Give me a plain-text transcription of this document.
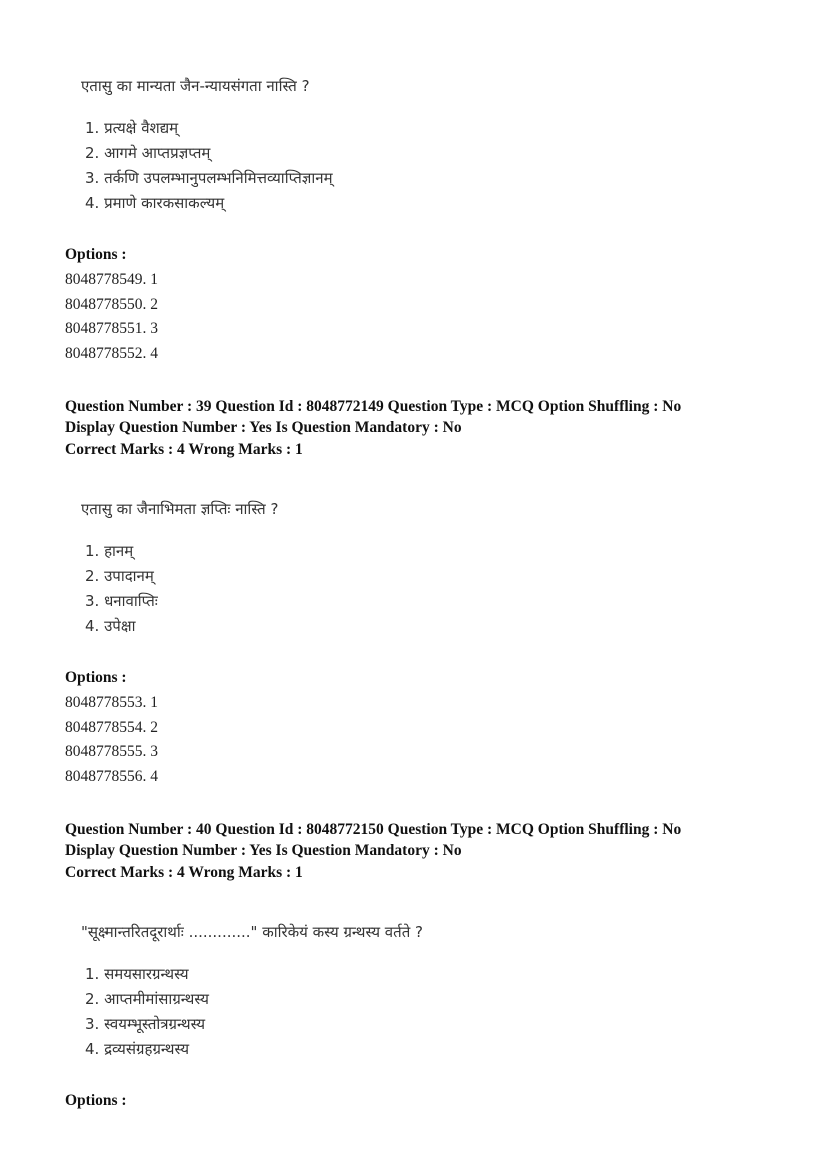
एतासु का मान्यता जैन-न्यायसंगता नास्ति ?
1. प्रत्यक्षे वैशद्यम्
2. आगमे आप्तप्रज्ञप्तम्
3. तर्कणि उपलम्भानुपलम्भनिमित्तव्याप्तिज्ञानम्
4. प्रमाणे कारकसाकल्यम्
Options :
8048778549. 1
8048778550. 2
8048778551. 3
8048778552. 4
Question Number : 39 Question Id : 8048772149 Question Type : MCQ Option Shuffling : No
Display Question Number : Yes Is Question Mandatory : No
Correct Marks : 4 Wrong Marks : 1
एतासु का जैनाभिमता ज्ञप्तिः नास्ति ?
1. हानम्
2. उपादानम्
3. धनावाप्तिः
4. उपेक्षा
Options :
8048778553. 1
8048778554. 2
8048778555. 3
8048778556. 4
Question Number : 40 Question Id : 8048772150 Question Type : MCQ Option Shuffling : No
Display Question Number : Yes Is Question Mandatory : No
Correct Marks : 4 Wrong Marks : 1
"सूक्ष्मान्तरितदूरार्थाः ............." कारिकेयं कस्य ग्रन्थस्य वर्तते ?
1. समयसारग्रन्थस्य
2. आप्तमीमांसाग्रन्थस्य
3. स्वयम्भूस्तोत्रग्रन्थस्य
4. द्रव्यसंग्रहग्रन्थस्य
Options :
